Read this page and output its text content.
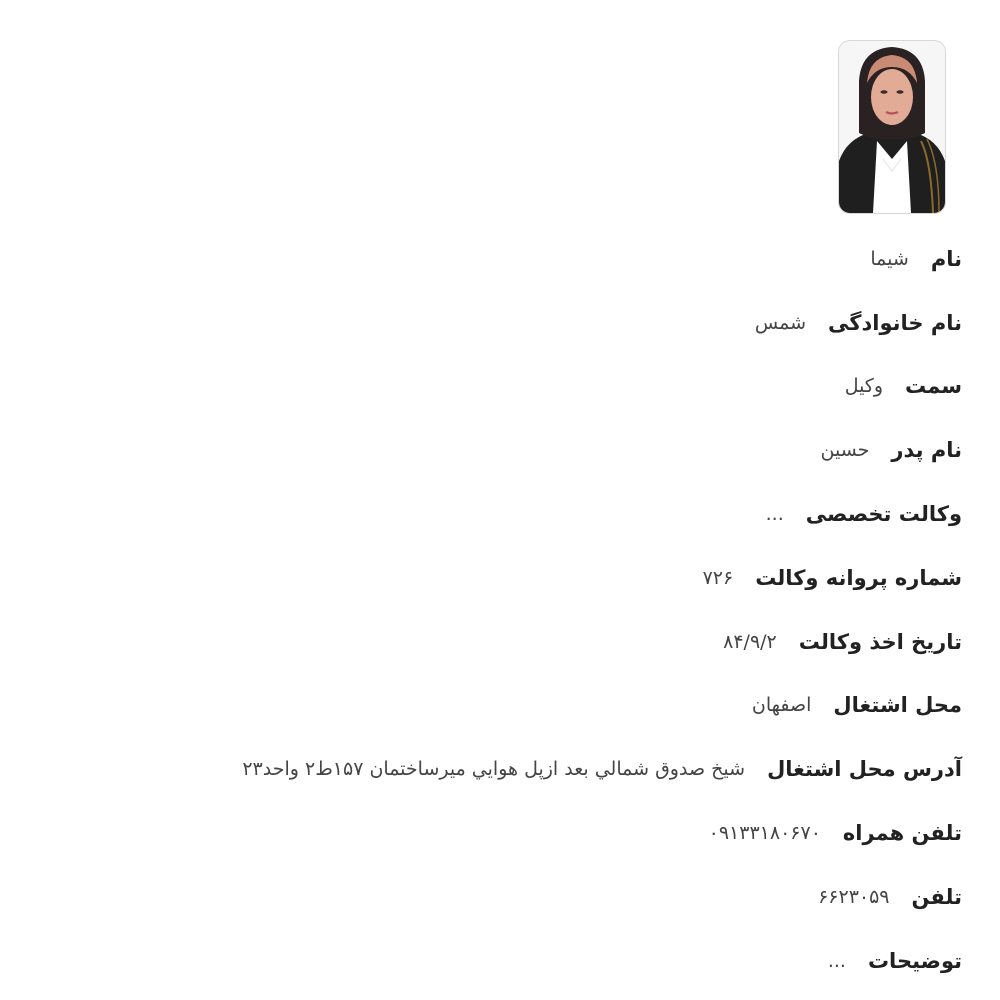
نام
شیما
نام خانوادگی
شمس
سمت
وکیل
نام پدر
حسین
وکالت تخصصی
...
شماره پروانه وکالت
۷۲۶
تاریخ اخذ وکالت
۸۴/۹/۲
محل اشتغال
اصفهان
آدرس محل اشتغال
شيخ صدوق شمالي بعد ازپل هوايي ميرساختمان ۱۵۷ط۲ واحد۲۳
تلفن همراه
۰۹۱۳۳۱۸۰۶۷۰
تلفن
۶۶۲۳۰۵۹
توضیحات
...
